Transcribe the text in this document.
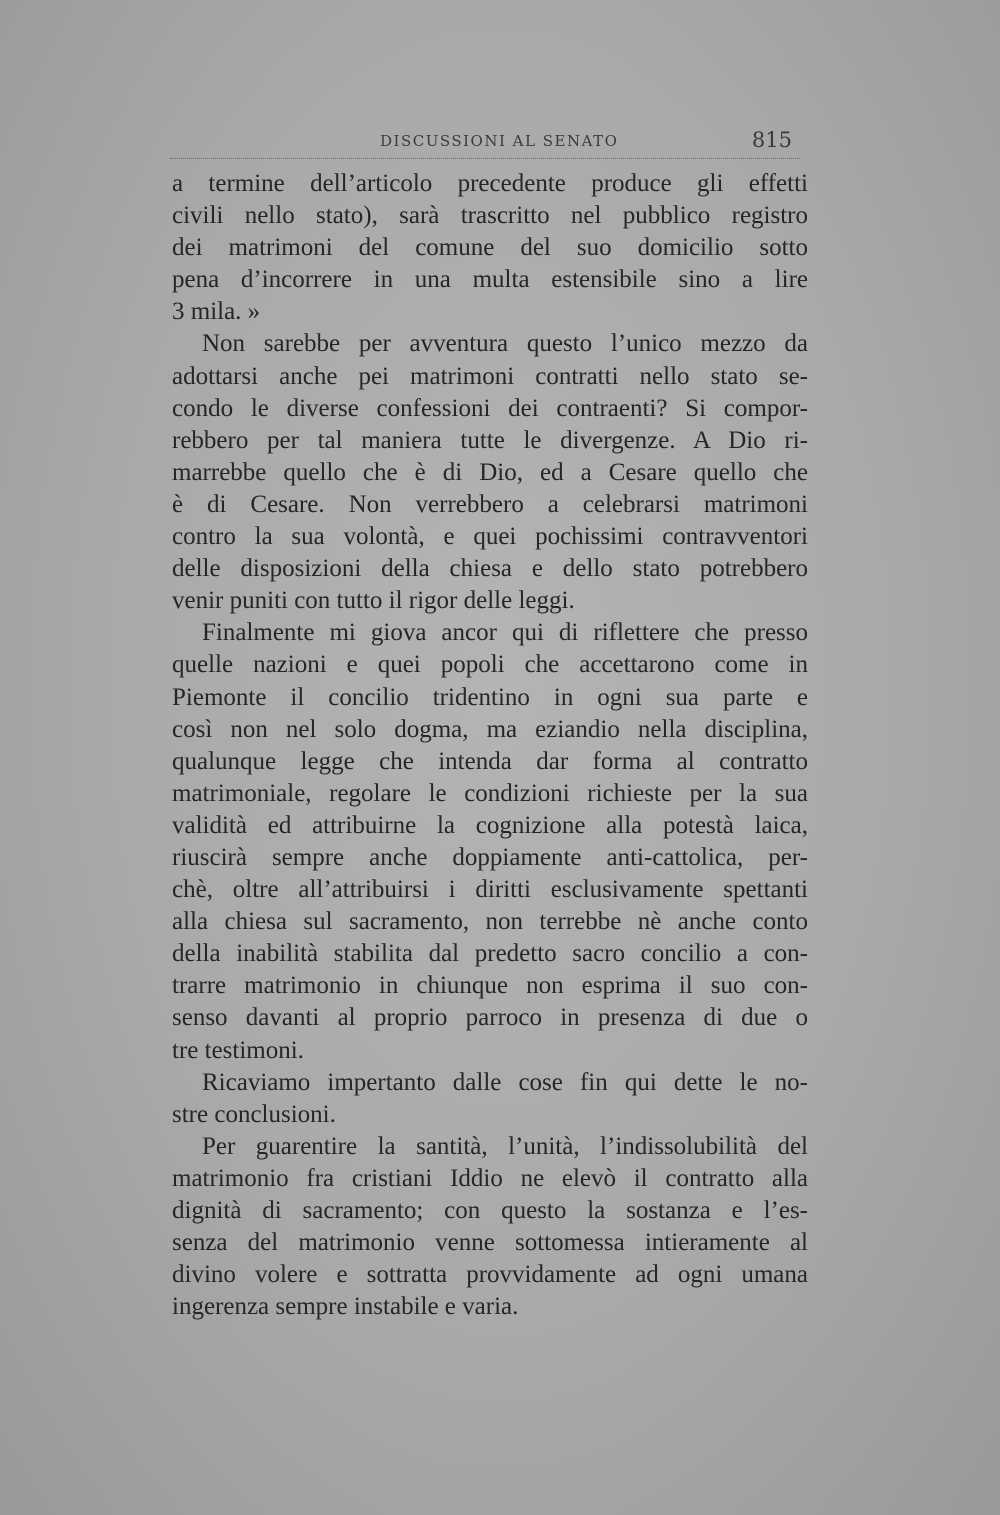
DISCUSSIONI AL SENATO	815
a termine dell’articolo precedente produce gli effetti
civili nello stato), sarà trascritto nel pubblico registro
dei matrimoni del comune del suo domicilio sotto
pena d’incorrere in una multa estensibile sino a lire
3 mila. »
Non sarebbe per avventura questo l’unico mezzo da
adottarsi anche pei matrimoni contratti nello stato se-
condo le diverse confessioni dei contraenti? Si compor-
rebbero per tal maniera tutte le divergenze. A Dio ri-
marrebbe quello che è di Dio, ed a Cesare quello che
è di Cesare. Non verrebbero a celebrarsi matrimoni
contro la sua volontà, e quei pochissimi contravventori
delle disposizioni della chiesa e dello stato potrebbero
venir puniti con tutto il rigor delle leggi.
Finalmente mi giova ancor qui di riflettere che presso
quelle nazioni e quei popoli che accettarono come in
Piemonte il concilio tridentino in ogni sua parte e
così non nel solo dogma, ma eziandio nella disciplina,
qualunque legge che intenda dar forma al contratto
matrimoniale, regolare le condizioni richieste per la sua
validità ed attribuirne la cognizione alla potestà laica,
riuscirà sempre anche doppiamente anti-cattolica, per-
chè, oltre all’attribuirsi i diritti esclusivamente spettanti
alla chiesa sul sacramento, non terrebbe nè anche conto
della inabilità stabilita dal predetto sacro concilio a con-
trarre matrimonio in chiunque non esprima il suo con-
senso davanti al proprio parroco in presenza di due o
tre testimoni.
Ricaviamo impertanto dalle cose fin qui dette le no-
stre conclusioni.
Per guarentire la santità, l’unità, l’indissolubilità del
matrimonio fra cristiani Iddio ne elevò il contratto alla
dignità di sacramento; con questo la sostanza e l’es-
senza del matrimonio venne sottomessa intieramente al
divino volere e sottratta provvidamente ad ogni umana
ingerenza sempre instabile e varia.
